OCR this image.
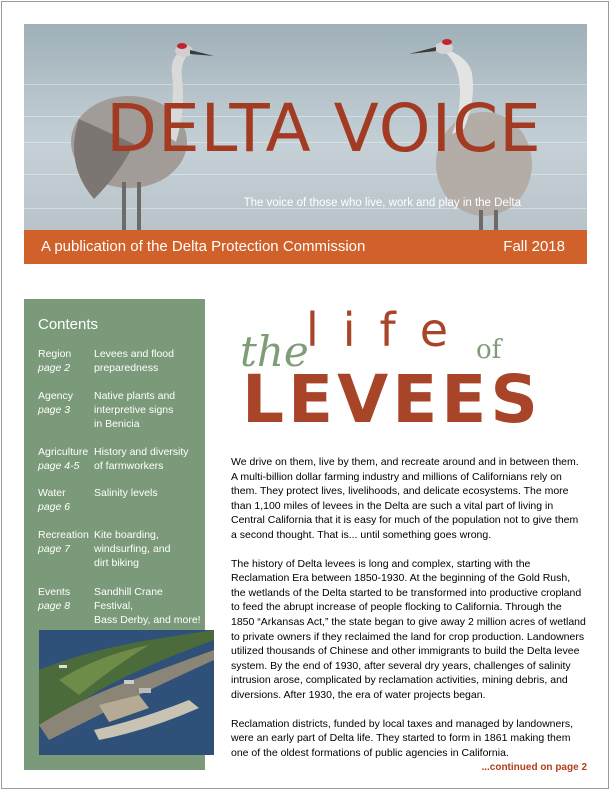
DELTA VOICE
The voice of those who live, work and play in the Delta
A publication of the Delta Protection Commission	Fall 2018
Contents
Region
page 2
Levees and flood
preparedness
Agency
page 3
Native plants and
interpretive signs
in Benicia
Agriculture
page 4-5
History and diversity
of farmworkers
Water
page 6
Salinity levels
Recreation
page 7
Kite boarding,
windsurfing, and
dirt biking
Events
page 8
Sandhill Crane Festival,
Bass Derby, and more!
the
life of
LEVEES

We drive on them, live by them, and recreate around and in between them. A multi-billion dollar farming industry and millions of Californians rely on them. They protect lives, livelihoods, and delicate ecosystems. The more than 1,100 miles of levees in the Delta are such a vital part of living in Central California that it is easy for much of the population not to give them a second thought. That is... until something goes wrong.

The history of Delta levees is long and complex, starting with the Reclamation Era between 1850-1930. At the beginning of the Gold Rush, the wetlands of the Delta started to be transformed into productive cropland to feed the abrupt increase of people flocking to California. Through the 1850 “Arkansas Act,” the state began to give away 2 million acres of wetland to private owners if they reclaimed the land for crop production. Landowners utilized thousands of Chinese and other immigrants to build the Delta levee system. By the end of 1930, after several dry years, challenges of salinity intrusion arose, complicated by reclamation activities, mining debris, and diversions. After 1930, the era of water projects began.

Reclamation districts, funded by local taxes and managed by landowners, were an early part of Delta life. They started to form in 1861 making them one of the oldest formations of public agencies in California.

...continued on page 2
